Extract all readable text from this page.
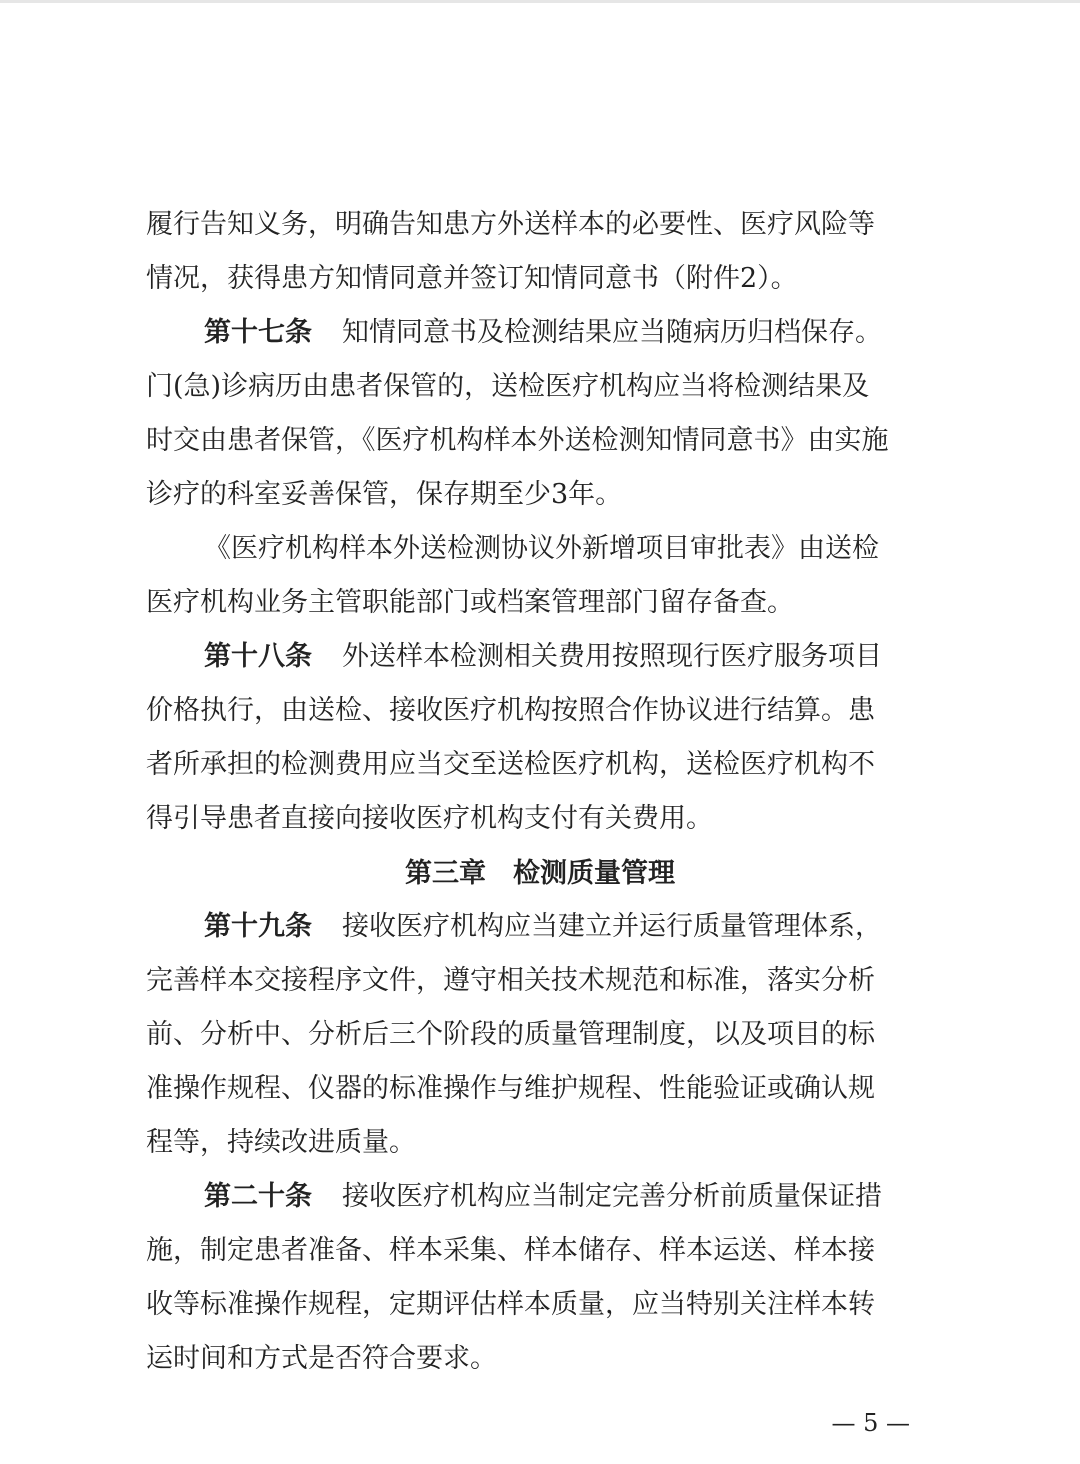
履行告知义务，明确告知患方外送样本的必要性、医疗风险等
情况，获得患方知情同意并签订知情同意书（附件2）。
第十七条 知情同意书及检测结果应当随病历归档保存。
门(急)诊病历由患者保管的，送检医疗机构应当将检测结果及
时交由患者保管，《医疗机构样本外送检测知情同意书》由实施
诊疗的科室妥善保管，保存期至少3年。
《医疗机构样本外送检测协议外新增项目审批表》由送检
医疗机构业务主管职能部门或档案管理部门留存备查。
第十八条 外送样本检测相关费用按照现行医疗服务项目
价格执行，由送检、接收医疗机构按照合作协议进行结算。患
者所承担的检测费用应当交至送检医疗机构，送检医疗机构不
得引导患者直接向接收医疗机构支付有关费用。
第三章　检测质量管理
第十九条 接收医疗机构应当建立并运行质量管理体系，
完善样本交接程序文件，遵守相关技术规范和标准，落实分析
前、分析中、分析后三个阶段的质量管理制度，以及项目的标
准操作规程、仪器的标准操作与维护规程、性能验证或确认规
程等，持续改进质量。
第二十条 接收医疗机构应当制定完善分析前质量保证措
施，制定患者准备、样本采集、样本储存、样本运送、样本接
收等标准操作规程，定期评估样本质量，应当特别关注样本转
运时间和方式是否符合要求。
— 5 —
